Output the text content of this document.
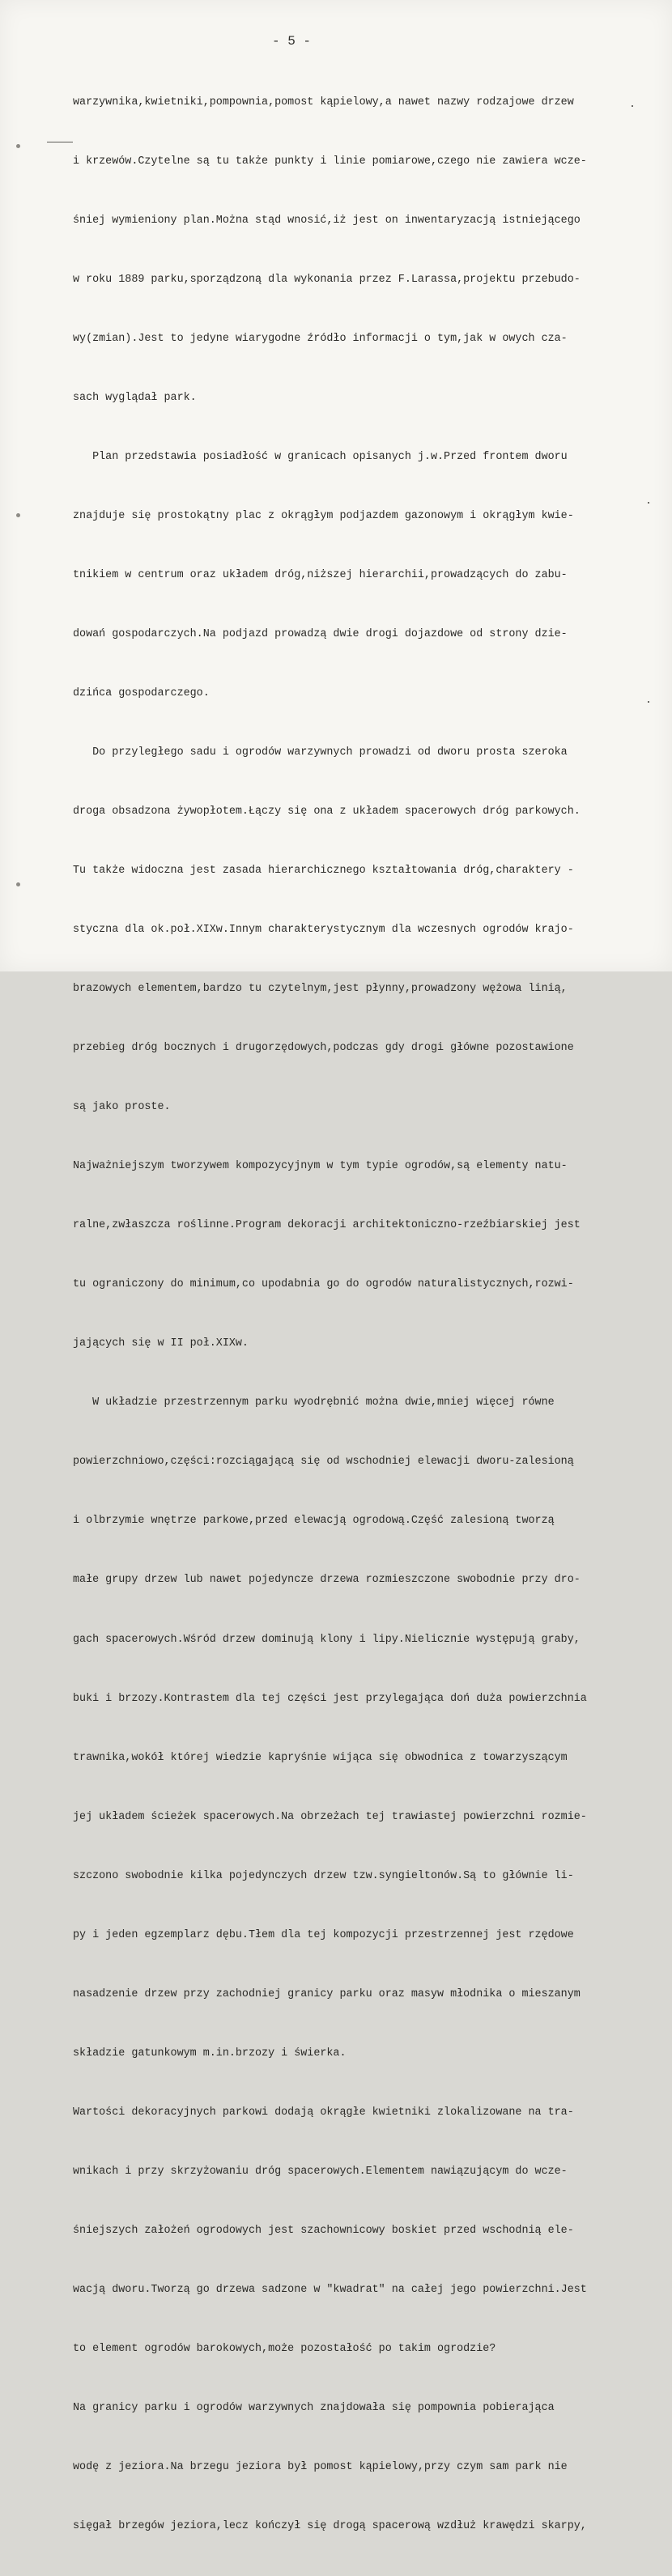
- 5 -

warzywnika,kwietniki,pompownia,pomost kąpielowy,a nawet nazwy rodzajowe drzew

i krzewów.Czytelne są tu także punkty i linie pomiarowe,czego nie zawiera wcze-

śniej wymieniony plan.Można stąd wnosić,iż jest on inwentaryzacją istniejącego

w roku 1889 parku,sporządzoną dla wykonania przez F.Larassa,projektu przebudo-

wy(zmian).Jest to jedyne wiarygodne źródło informacji o tym,jak w owych cza-

sach wyglądał park.

Plan przedstawia posiadłość w granicach opisanych j.w.Przed frontem dworu

znajduje się prostokątny plac z okrągłym podjazdem gazonowym i okrągłym kwie-

tnikiem w centrum oraz układem dróg,niższej hierarchii,prowadzących do zabu-

dowań gospodarczych.Na podjazd prowadzą dwie drogi dojazdowe od strony dzie-

dzińca gospodarczego.

Do przyległego sadu i ogrodów warzywnych prowadzi od dworu prosta szeroka

droga obsadzona żywopłotem.Łączy się ona z układem spacerowych dróg parkowych.

Tu także widoczna jest zasada hierarchicznego kształtowania dróg,charaktery -

styczna dla ok.poł.XIXw.Innym charakterystycznym dla wczesnych ogrodów krajo-

brazowych elementem,bardzo tu czytelnym,jest płynny,prowadzony wężowa linią,

przebieg dróg bocznych i drugorzędowych,podczas gdy drogi główne pozostawione

są jako proste.

Najważniejszym tworzywem kompozycyjnym w tym typie ogrodów,są elementy natu-

ralne,zwłaszcza roślinne.Program dekoracji architektoniczno-rzeźbiarskiej jest

tu ograniczony do minimum,co upodabnia go do ogrodów naturalistycznych,rozwi-

jających się w II poł.XIXw.

W układzie przestrzennym parku wyodrębnić można dwie,mniej więcej równe

powierzchniowo,części:rozciągającą się od wschodniej elewacji dworu-zalesioną

i olbrzymie wnętrze parkowe,przed elewacją ogrodową.Część zalesioną tworzą

małe grupy drzew lub nawet pojedyncze drzewa rozmieszczone swobodnie przy dro-

gach spacerowych.Wśród drzew dominują klony i lipy.Nielicznie występują graby,

buki i brzozy.Kontrastem dla tej części jest przylegająca doń duża powierzchnia

trawnika,wokół której wiedzie kapryśnie wijąca się obwodnica z towarzyszącym

jej układem ścieżek spacerowych.Na obrzeżach tej trawiastej powierzchni rozmie-

szczono swobodnie kilka pojedynczych drzew tzw.syngieltonów.Są to głównie li-

py i jeden egzemplarz dębu.Tłem dla tej kompozycji przestrzennej jest rzędowe

nasadzenie drzew przy zachodniej granicy parku oraz masyw młodnika o mieszanym

składzie gatunkowym m.in.brzozy i świerka.

Wartości dekoracyjnych parkowi dodają okrągłe kwietniki zlokalizowane na tra-

wnikach i przy skrzyżowaniu dróg spacerowych.Elementem nawiązującym do wcze-

śniejszych założeń ogrodowych jest szachownicowy boskiet przed wschodnią ele-

wacją dworu.Tworzą go drzewa sadzone w "kwadrat" na całej jego powierzchni.Jest

to element ogrodów barokowych,może pozostałość po takim ogrodzie?

Na granicy parku i ogrodów warzywnych znajdowała się pompownia pobierająca

wodę z jeziora.Na brzegu jeziora był pomost kąpielowy,przy czym sam park nie

sięgał brzegów jeziora,lecz kończył się drogą spacerową wzdłuż krawędzi skarpy,
